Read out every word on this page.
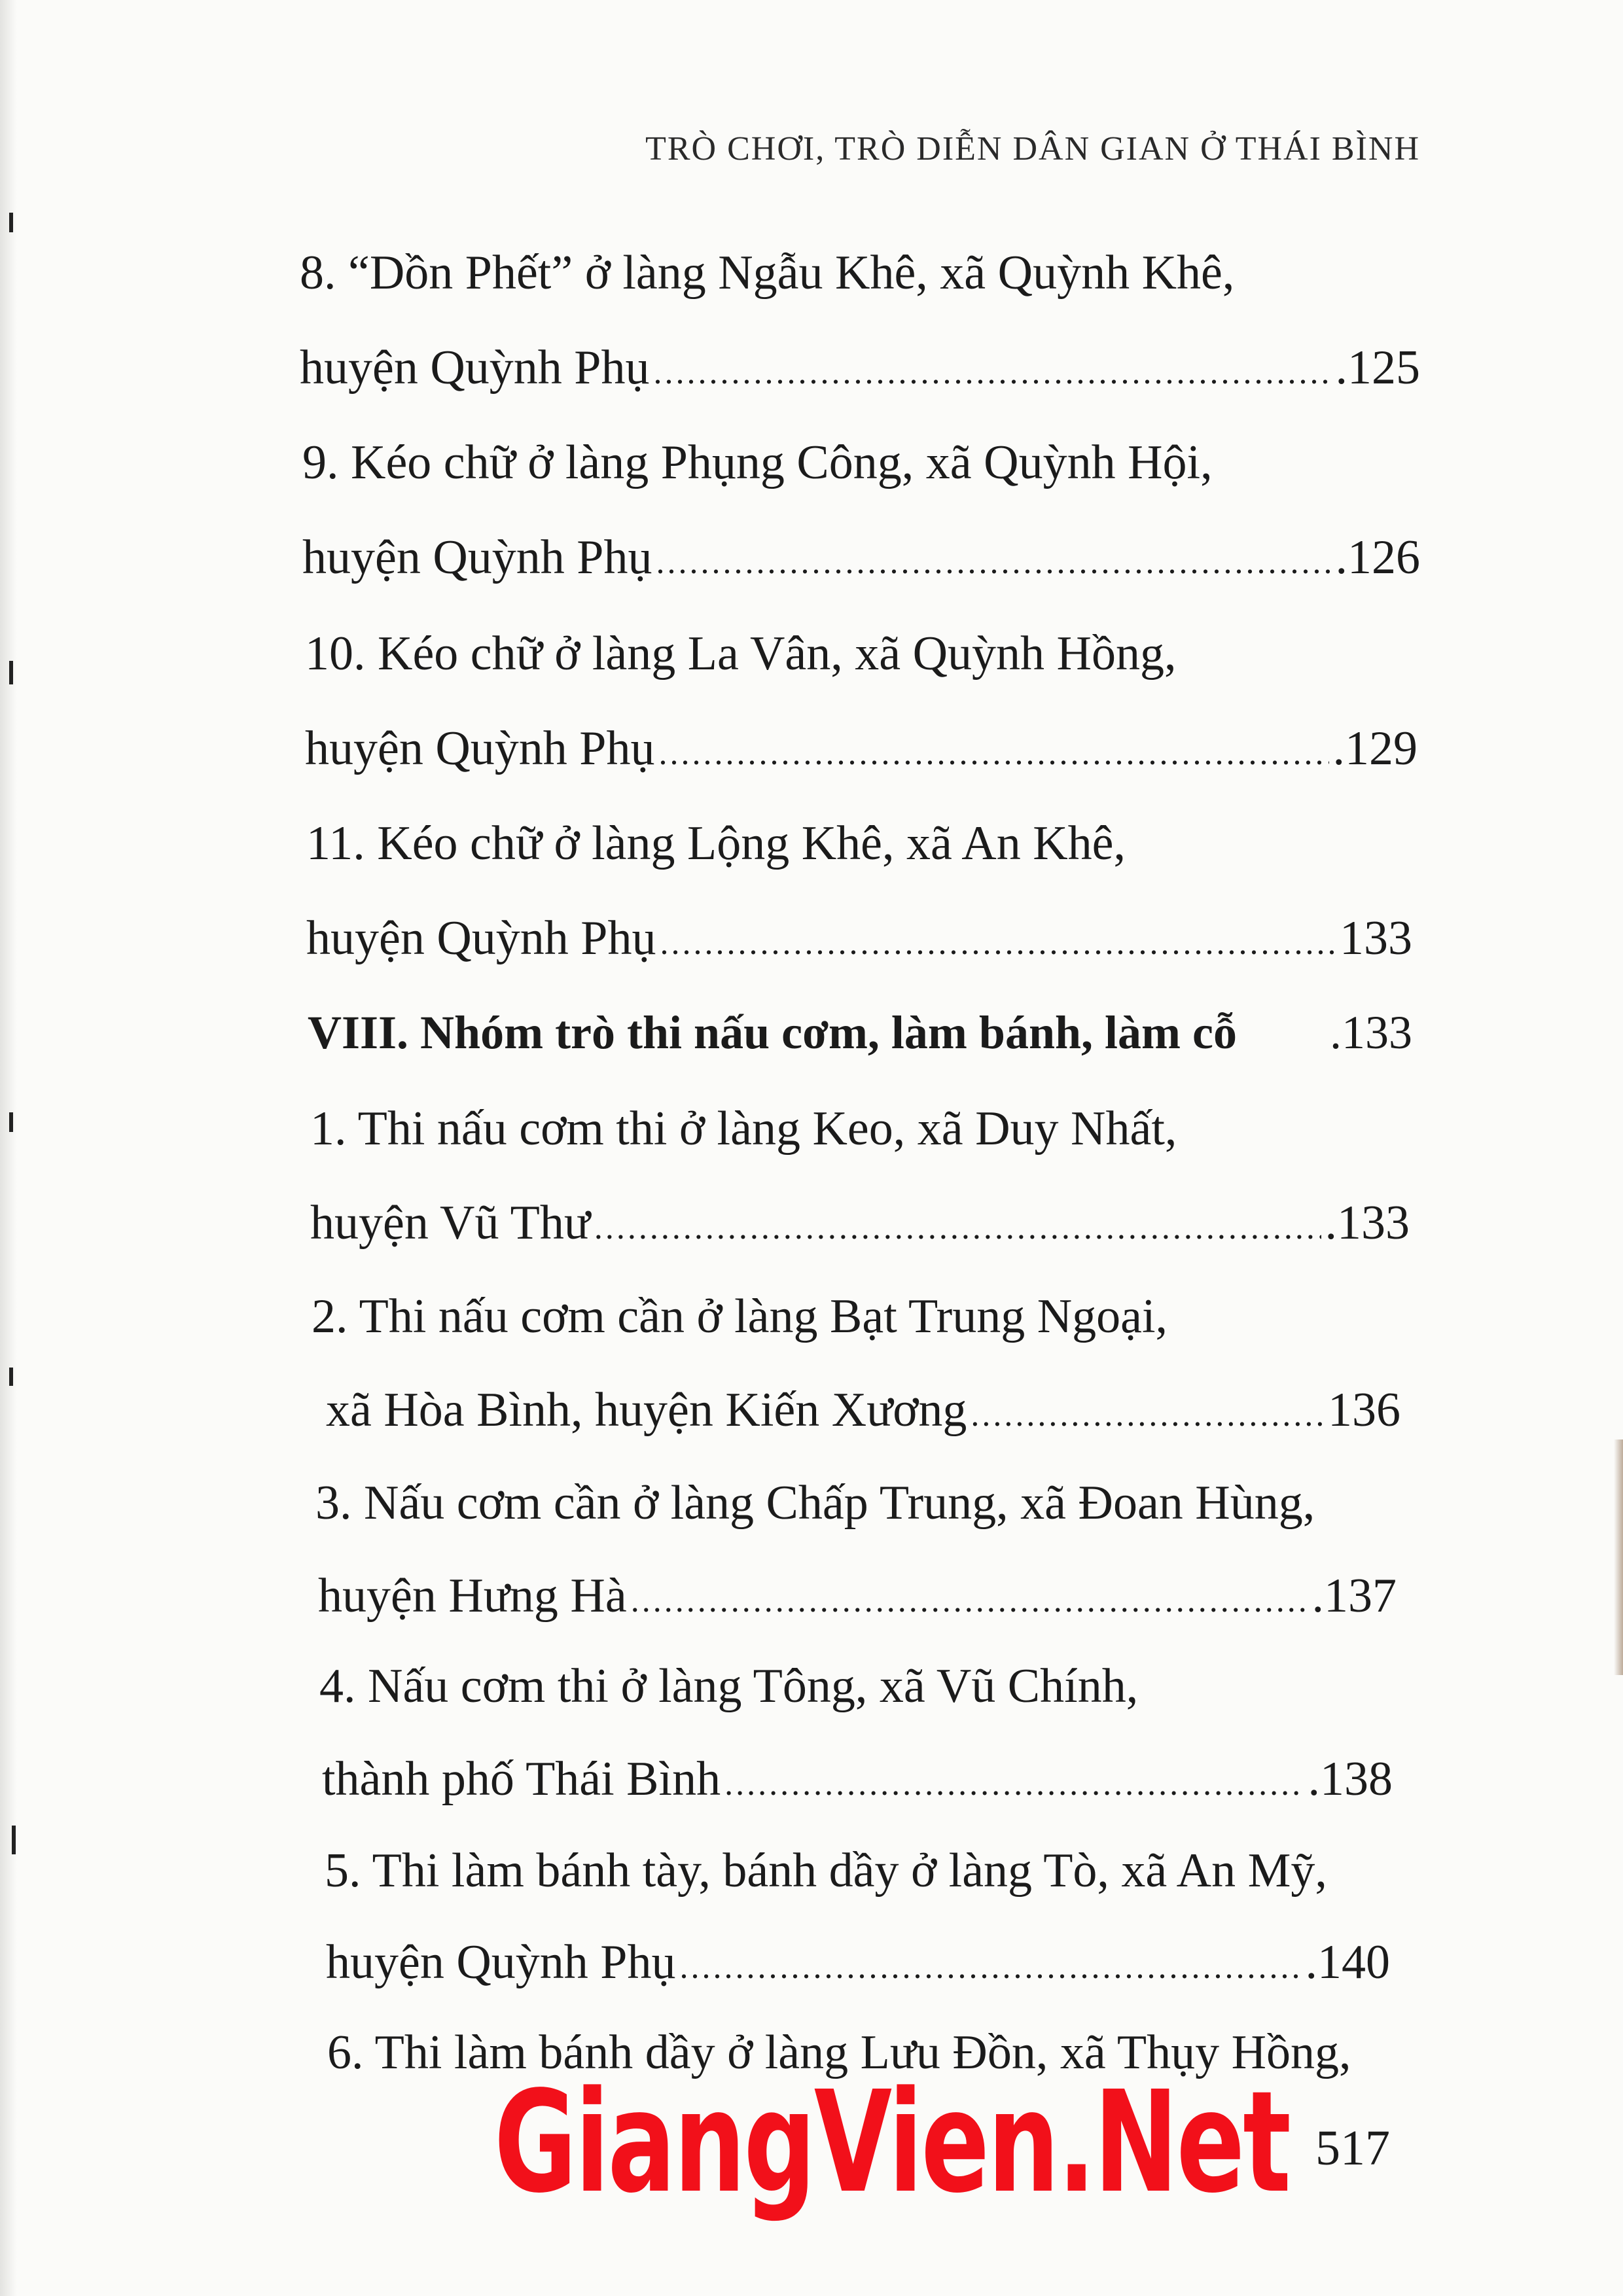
TRÒ CHƠI, TRÒ DIỄN DÂN GIAN Ở THÁI BÌNH
8. “Dồn Phết” ở làng Ngẫu Khê, xã Quỳnh Khê,
huyện Quỳnh Phụ .....	.125
9. Kéo chữ ở làng Phụng Công, xã Quỳnh Hội,
huyện Quỳnh Phụ .....	.126
10. Kéo chữ ở làng La Vân, xã Quỳnh Hồng,
huyện Quỳnh Phụ .....	.129
11. Kéo chữ ở làng Lộng Khê, xã An Khê,
huyện Quỳnh Phụ .....	133
VIII. Nhóm trò thi nấu cơm, làm bánh, làm cỗ .133
1. Thi nấu cơm thi ở làng Keo, xã Duy Nhất,
huyện Vũ Thư .....	.133
2. Thi nấu cơm cần ở làng Bạt Trung Ngoại,
xã Hòa Bình, huyện Kiến Xương .....	136
3. Nấu cơm cần ở làng Chấp Trung, xã Đoan Hùng,
huyện Hưng Hà .....	.137
4. Nấu cơm thi ở làng Tông, xã Vũ Chính,
thành phố Thái Bình .....	.138
5. Thi làm bánh tày, bánh dầy ở làng Tò, xã An Mỹ,
huyện Quỳnh Phụ .....	.140
6. Thi làm bánh dầy ở làng Lưu Đồn, xã Thụy Hồng,
GiangVien.Net 517
